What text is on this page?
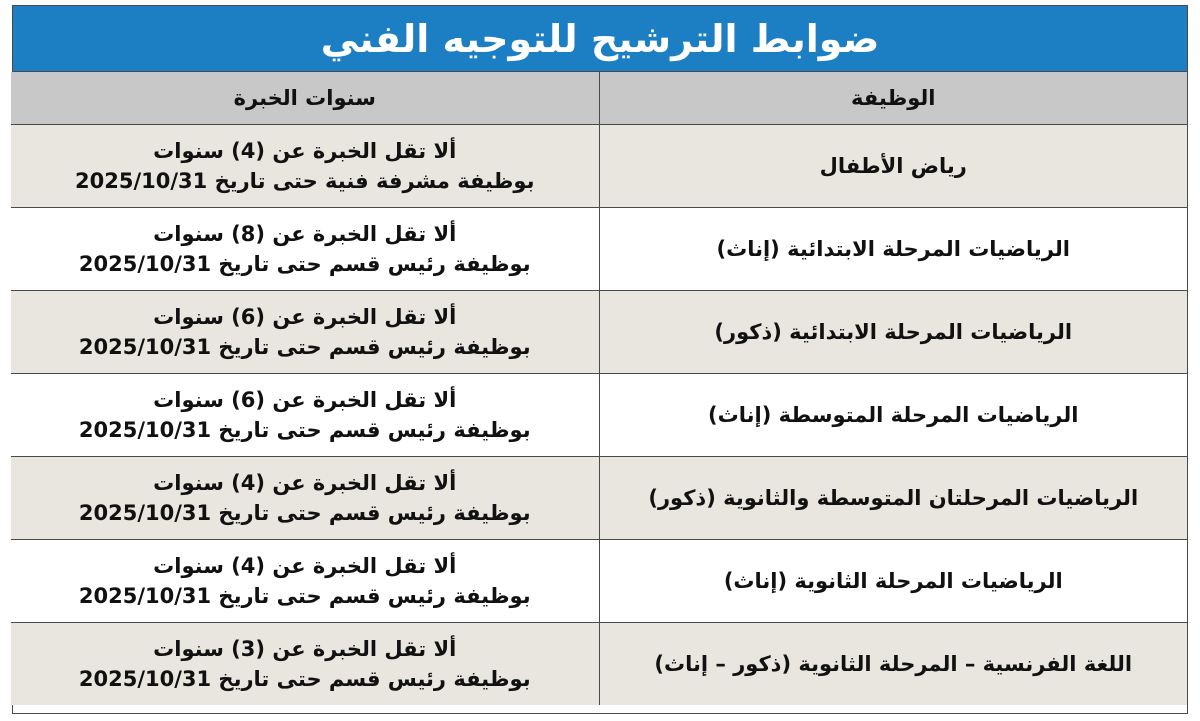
ضوابط الترشيح للتوجيه الفني
الوظيفة	سنوات الخبرة
رياض الأطفال	ألا تقل الخبرة عن (4) سنوات
بوظيفة مشرفة فنية حتى تاريخ 2025/10/31

الرياضيات المرحلة الابتدائية (إناث)	ألا تقل الخبرة عن (8) سنوات
بوظيفة رئيس قسم حتى تاريخ 2025/10/31

الرياضيات المرحلة الابتدائية (ذكور)	ألا تقل الخبرة عن (6) سنوات
بوظيفة رئيس قسم حتى تاريخ 2025/10/31

الرياضيات المرحلة المتوسطة (إناث)	ألا تقل الخبرة عن (6) سنوات
بوظيفة رئيس قسم حتى تاريخ 2025/10/31

الرياضيات المرحلتان المتوسطة والثانوية (ذكور)	ألا تقل الخبرة عن (4) سنوات
بوظيفة رئيس قسم حتى تاريخ 2025/10/31

الرياضيات المرحلة الثانوية (إناث)	ألا تقل الخبرة عن (4) سنوات
بوظيفة رئيس قسم حتى تاريخ 2025/10/31

اللغة الفرنسية – المرحلة الثانوية (ذكور – إناث)	ألا تقل الخبرة عن (3) سنوات
بوظيفة رئيس قسم حتى تاريخ 2025/10/31
